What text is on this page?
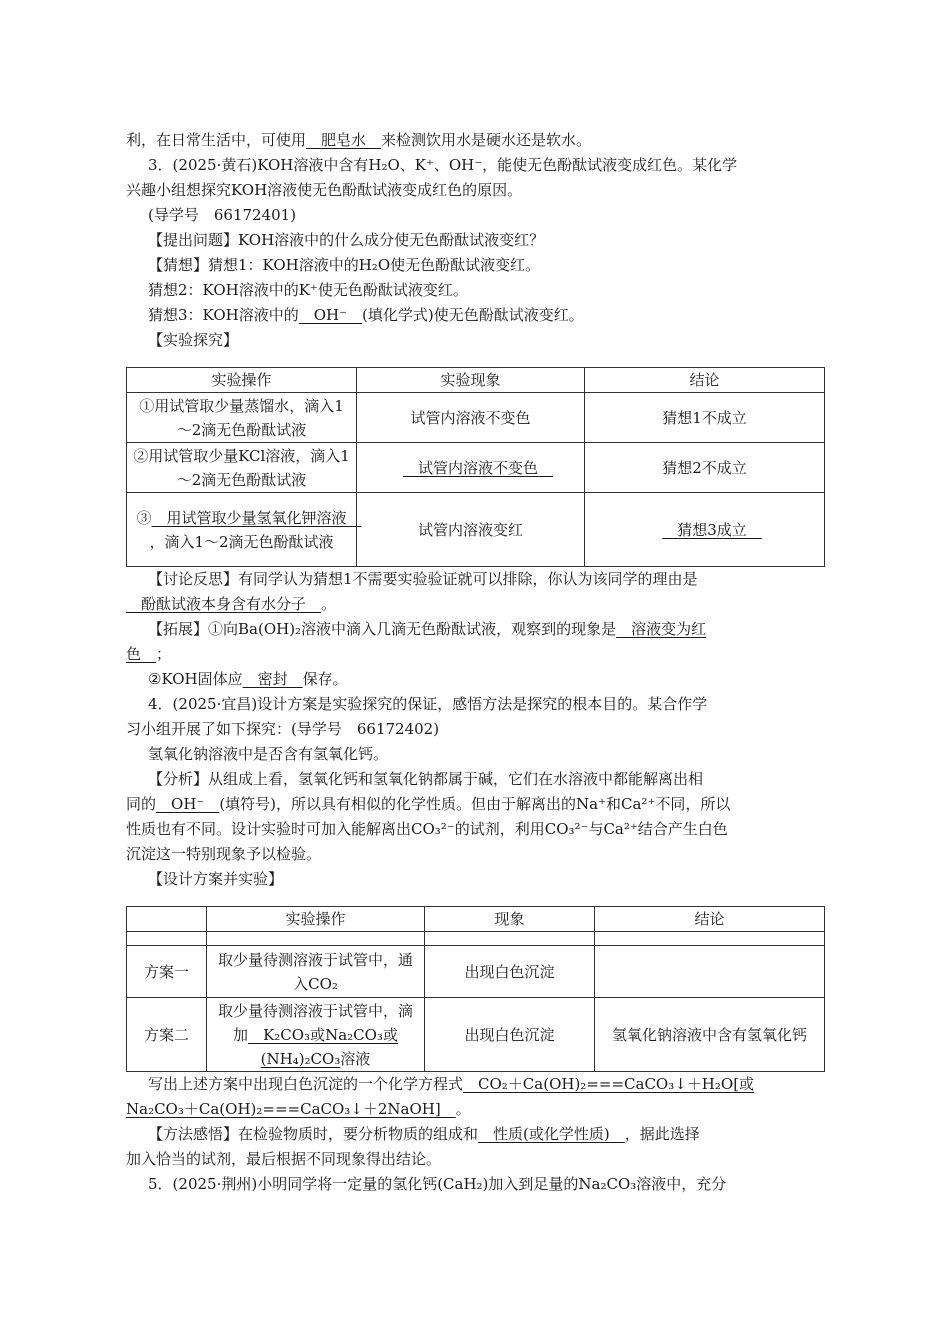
利，在日常生活中，可使用　肥皂水　来检测饮用水是硬水还是软水。

3．(2025·黄石)KOH溶液中含有H₂O、K⁺、OH⁻，能使无色酚酞试液变成红色。某化学

兴趣小组想探究KOH溶液使无色酚酞试液变成红色的原因。

(导学号　66172401)

【提出问题】KOH溶液中的什么成分使无色酚酞试液变红？

【猜想】猜想1：KOH溶液中的H₂O使无色酚酞试液变红。

猜想2：KOH溶液中的K⁺使无色酚酞试液变红。

猜想3：KOH溶液中的　OH⁻　(填化学式)使无色酚酞试液变红。

【实验探究】

实验操作	实验现象	结论
①用试管取少量蒸馏水，滴入1～2滴无色酚酞试液	试管内溶液不变色	猜想1不成立
②用试管取少量KCl溶液，滴入1～2滴无色酚酞试液	　试管内溶液不变色　	猜想2不成立
③　用试管取少量氢氧化钾溶液　，滴入1～2滴无色酚酞试液	试管内溶液变红	　猜想3成立　

【讨论反思】有同学认为猜想1不需要实验验证就可以排除，你认为该同学的理由是

　酚酞试液本身含有水分子　。

【拓展】①向Ba(OH)₂溶液中滴入几滴无色酚酞试液，观察到的现象是　溶液变为红

色　；

②KOH固体应　密封　保存。

4．(2025·宜昌)设计方案是实验探究的保证，感悟方法是探究的根本目的。某合作学

习小组开展了如下探究：(导学号　66172402)

氢氧化钠溶液中是否含有氢氧化钙。

【分析】从组成上看，氢氧化钙和氢氧化钠都属于碱，它们在水溶液中都能解离出相

同的　OH⁻　(填符号)，所以具有相似的化学性质。但由于解离出的Na⁺和Ca²⁺不同，所以

性质也有不同。设计实验时可加入能解离出CO₃²⁻的试剂，利用CO₃²⁻与Ca²⁺结合产生白色

沉淀这一特别现象予以检验。

【设计方案并实验】

	实验操作	现象	结论

方案一	取少量待测溶液于试管中，通入CO₂	出现白色沉淀	
方案二	取少量待测溶液于试管中，滴加　K₂CO₃或Na₂CO₃或(NH₄)₂CO₃溶液	出现白色沉淀	氢氧化钠溶液中含有氢氧化钙

写出上述方案中出现白色沉淀的一个化学方程式　CO₂＋Ca(OH)₂===CaCO₃↓＋H₂O[或

Na₂CO₃＋Ca(OH)₂===CaCO₃↓＋2NaOH]　。

【方法感悟】在检验物质时，要分析物质的组成和　性质(或化学性质)　，据此选择

加入恰当的试剂，最后根据不同现象得出结论。

5．(2025·荆州)小明同学将一定量的氢化钙(CaH₂)加入到足量的Na₂CO₃溶液中，充分
